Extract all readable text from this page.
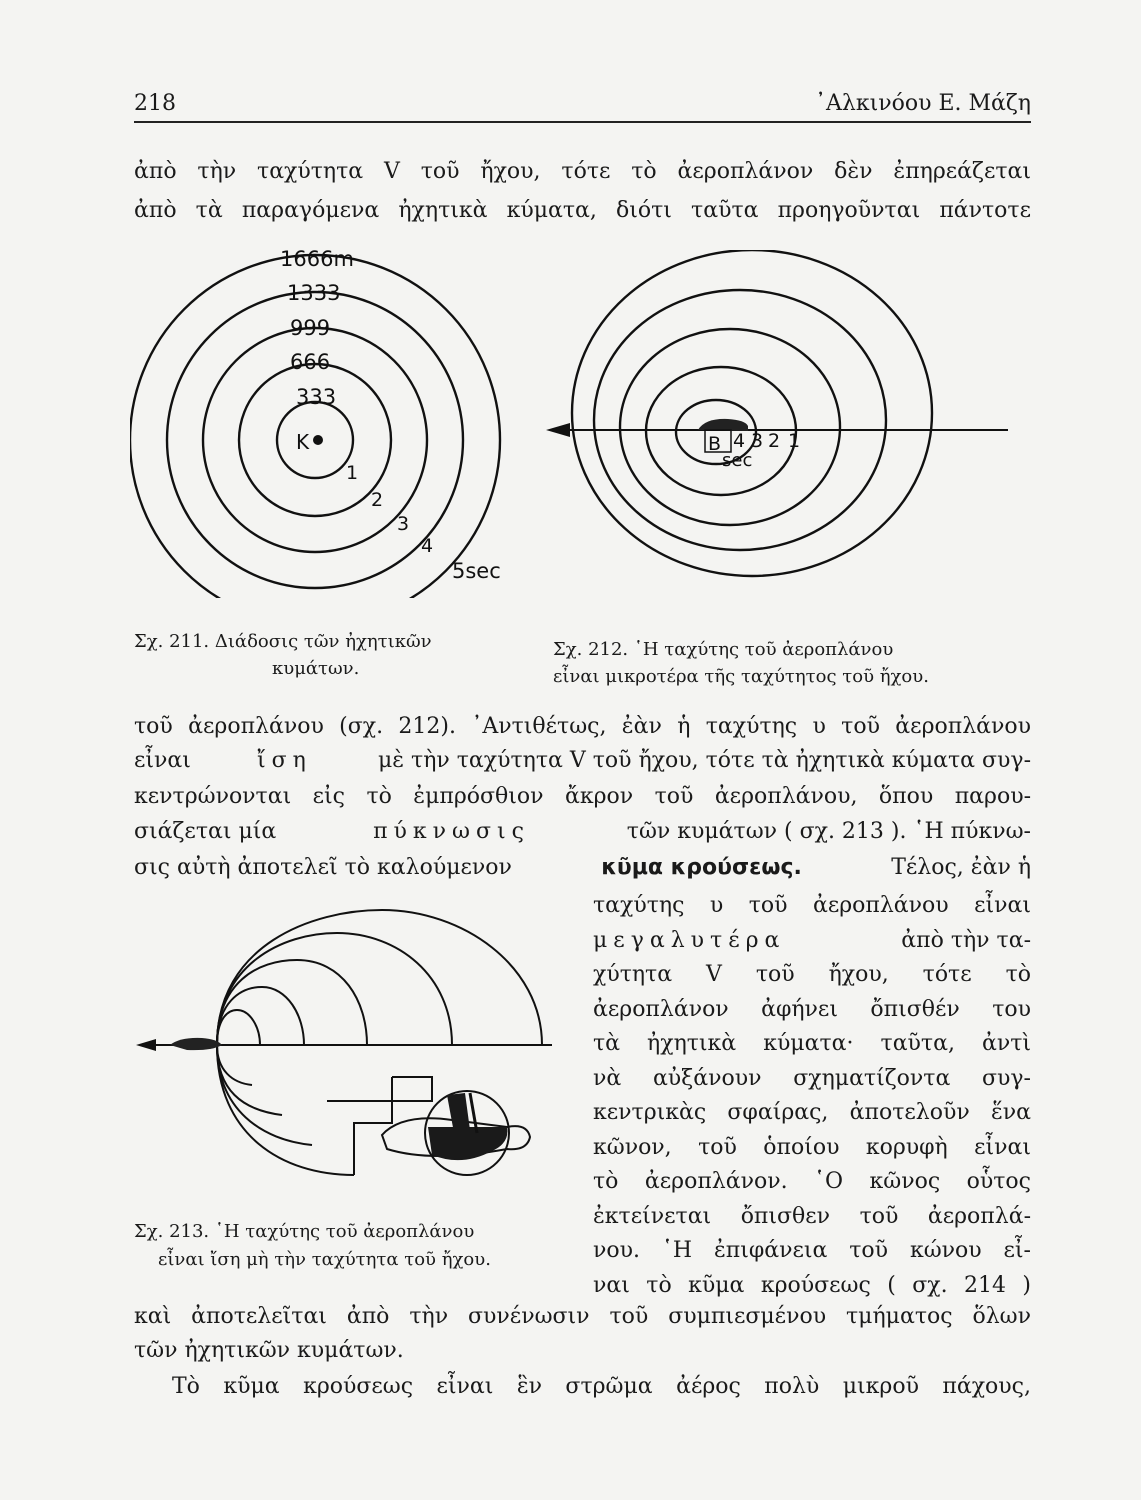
218	᾿Αλκινόου Ε. Μάζη
ἀπὸ τὴν ταχύτητα V τοῦ ἤχου, τότε τὸ ἀεροπλάνον δὲν ἐπηρεάζεται
ἀπὸ τὰ παραγόμενα ἠχητικὰ κύματα, διότι ταῦτα προηγοῦνται πάντοτε
1666m
1333
999
666
333
K
1
2
3
4
5sec
B 4 3 2 1
sec
Σχ. 211. Διάδοσις τῶν ἠχητικῶν
κυμάτων.
Σχ. 212. ῾Η ταχύτης τοῦ ἀεροπλάνου
εἶναι μικροτέρα τῆς ταχύτητος τοῦ ἤχου.
τοῦ ἀεροπλάνου (σχ. 212). ᾿Αντιθέτως, ἐὰν ἡ ταχύτης υ τοῦ ἀεροπλάνου
εἶναι	ἴση	μὲ τὴν ταχύτητα V τοῦ ἤχου, τότε τὰ ἠχητικὰ κύματα συγ-
κεντρώνονται εἰς τὸ ἐμπρόσθιον ἄκρον τοῦ ἀεροπλάνου, ὅπου παρου-
σιάζεται μία	πύκνωσις	τῶν κυμάτων ( σχ. 213 ). ῾Η πύκνω-
σις αὐτὴ ἀποτελεῖ τὸ καλούμενον	κῦμα κρούσεως.	Τέλος, ἐὰν ἡ
ταχύτης υ τοῦ ἀεροπλάνου εἶναι
μεγαλυτέρα	ἀπὸ τὴν τα-
χύτητα V τοῦ ἤχου, τότε τὸ
ἀεροπλάνον ἀφήνει ὄπισθέν του
τὰ ἠχητικὰ κύματα· ταῦτα, ἀντὶ
νὰ αὐξάνουν σχηματίζοντα συγ-
κεντρικὰς σφαίρας, ἀποτελοῦν ἕνα
κῶνον, τοῦ ὁποίου κορυφὴ εἶναι
τὸ ἀεροπλάνον. ῾Ο κῶνος οὗτος
ἐκτείνεται ὄπισθεν τοῦ ἀεροπλά-
νου. ῾Η ἐπιφάνεια τοῦ κώνου εἶ-
ναι τὸ κῦμα κρούσεως ( σχ. 214 )
Σχ. 213. ῾Η ταχύτης τοῦ ἀεροπλάνου
εἶναι ἴση μὴ τὴν ταχύτητα τοῦ ἤχου.
καὶ ἀποτελεῖται ἀπὸ τὴν συνένωσιν τοῦ συμπιεσμένου τμήματος ὅλων
τῶν ἠχητικῶν κυμάτων.
Τὸ κῦμα κρούσεως εἶναι ἓν στρῶμα ἀέρος πολὺ μικροῦ πάχους,
